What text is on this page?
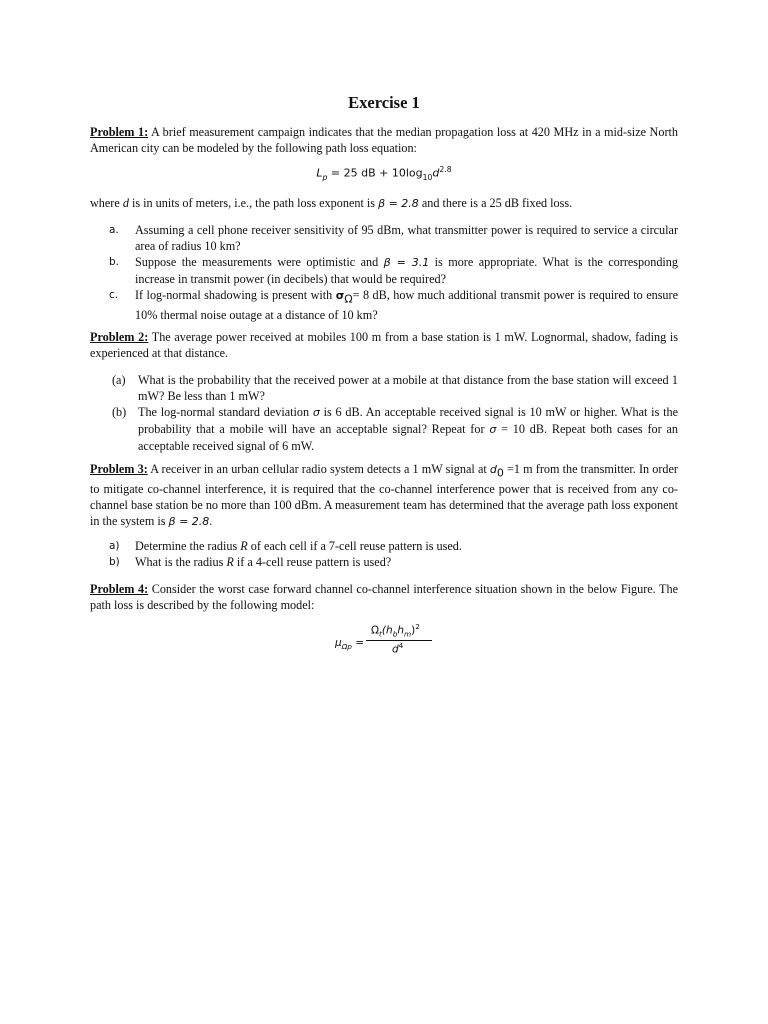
Exercise 1
Problem 1: A brief measurement campaign indicates that the median propagation loss at 420 MHz in a mid-size North American city can be modeled by the following path loss equation:
$L_p = 25$ dB + $10\log_{10}d^{2.8}$
where d is in units of meters, i.e., the path loss exponent is β = 2.8 and there is a 25 dB fixed loss.

a. Assuming a cell phone receiver sensitivity of 95 dBm, what transmitter power is required to service a circular area of radius 10 km?

b. Suppose the measurements were optimistic and β = 3.1 is more appropriate. What is the corresponding increase in transmit power (in decibels) that would be required?

c. If log-normal shadowing is present with $\sigma_\Omega= 8$ dB, how much additional transmit power is required to ensure 10% thermal noise outage at a distance of 10 km?

Problem 2: The average power received at mobiles 100 m from a base station is 1 mW. Lognormal, shadow, fading is experienced at that distance.

(a) What is the probability that the received power at a mobile at that distance from the base station will exceed 1 mW? Be less than 1 mW?

(b) The log-normal standard deviation σ is 6 dB. An acceptable received signal is 10 mW or higher. What is the probability that a mobile will have an acceptable signal? Repeat for σ = 10 dB. Repeat both cases for an acceptable received signal of 6 mW.

Problem 3: A receiver in an urban cellular radio system detects a 1 mW signal at $d_0 =1$ m from the transmitter. In order to mitigate co-channel interference, it is required that the co-channel interference power that is received from any co-channel base station be no more than 100 dBm. A measurement team has determined that the average path loss exponent in the system is β = 2.8.

a) Determine the radius R of each cell if a 7-cell reuse pattern is used.

b) What is the radius R if a 4-cell reuse pattern is used?

Problem 4: Consider the worst case forward channel co-channel interference situation shown in the below Figure. The path loss is described by the following model:
$\mu_{\Omega p}$ =
$\Omega_t(h_bh_m)^2$
$d^4$
